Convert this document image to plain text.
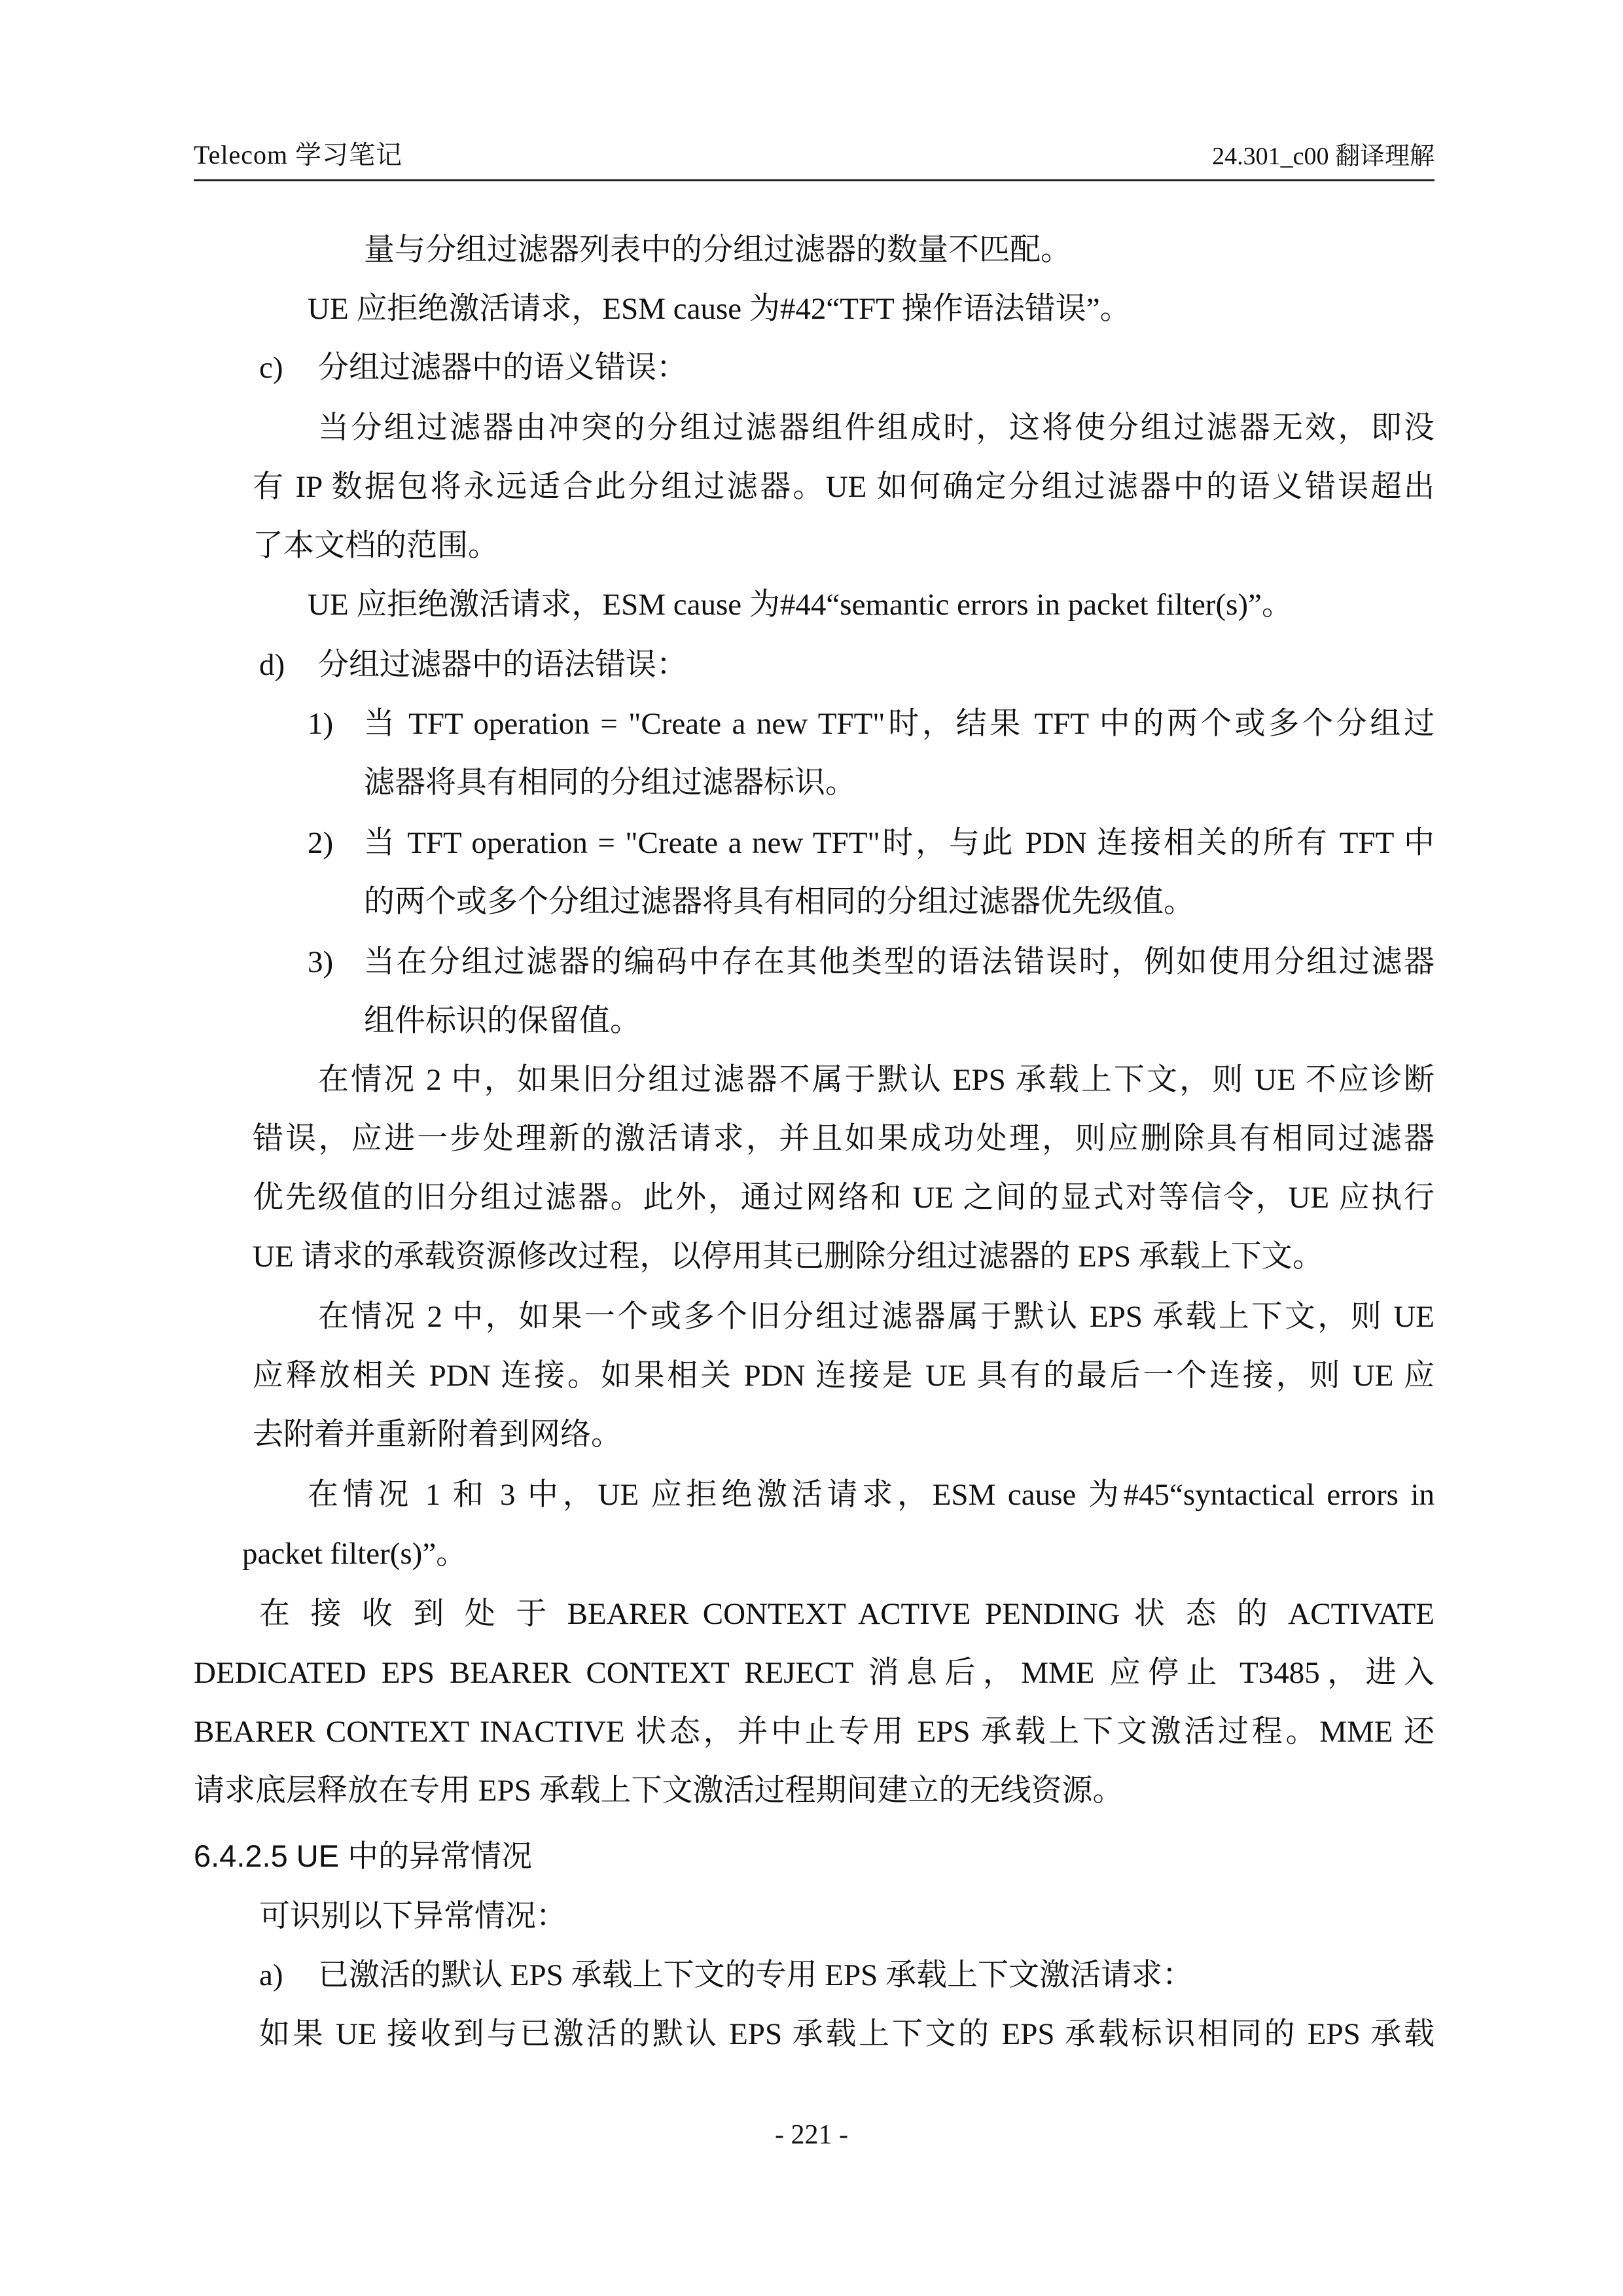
Telecom 学习笔记	24.301_c00 翻译理解
量与分组过滤器列表中的分组过滤器的数量不匹配。
UE 应拒绝激活请求，ESM cause 为#42“TFT 操作语法错误”。
c) 分组过滤器中的语义错误：
当分组过滤器由冲突的分组过滤器组件组成时，这将使分组过滤器无效，即没
有 IP 数据包将永远适合此分组过滤器。UE 如何确定分组过滤器中的语义错误超出
了本文档的范围。
UE 应拒绝激活请求，ESM cause 为#44“semantic errors in packet filter(s)”。
d) 分组过滤器中的语法错误：
1) 当 TFT operation = "Create a new TFT"时，结果 TFT 中的两个或多个分组过
滤器将具有相同的分组过滤器标识。
2) 当 TFT operation = "Create a new TFT"时，与此 PDN 连接相关的所有 TFT 中
的两个或多个分组过滤器将具有相同的分组过滤器优先级值。
3) 当在分组过滤器的编码中存在其他类型的语法错误时，例如使用分组过滤器
组件标识的保留值。
在情况 2 中，如果旧分组过滤器不属于默认 EPS 承载上下文，则 UE 不应诊断
错误，应进一步处理新的激活请求，并且如果成功处理，则应删除具有相同过滤器
优先级值的旧分组过滤器。此外，通过网络和 UE 之间的显式对等信令，UE 应执行
UE 请求的承载资源修改过程，以停用其已删除分组过滤器的 EPS 承载上下文。
在情况 2 中，如果一个或多个旧分组过滤器属于默认 EPS 承载上下文，则 UE
应释放相关 PDN 连接。如果相关 PDN 连接是 UE 具有的最后一个连接，则 UE 应
去附着并重新附着到网络。
在情况 1 和 3 中，UE 应拒绝激活请求，ESM cause 为#45“syntactical errors in
packet filter(s)”。
在 接 收 到 处 于 BEARER CONTEXT ACTIVE PENDING 状 态 的 ACTIVATE
DEDICATED EPS BEARER CONTEXT REJECT 消息后，MME 应停止 T3485，进入
BEARER CONTEXT INACTIVE 状态，并中止专用 EPS 承载上下文激活过程。MME 还
请求底层释放在专用 EPS 承载上下文激活过程期间建立的无线资源。
6.4.2.5 UE 中的异常情况
可识别以下异常情况：
a) 已激活的默认 EPS 承载上下文的专用 EPS 承载上下文激活请求：
如果 UE 接收到与已激活的默认 EPS 承载上下文的 EPS 承载标识相同的 EPS 承载
- 221 -
